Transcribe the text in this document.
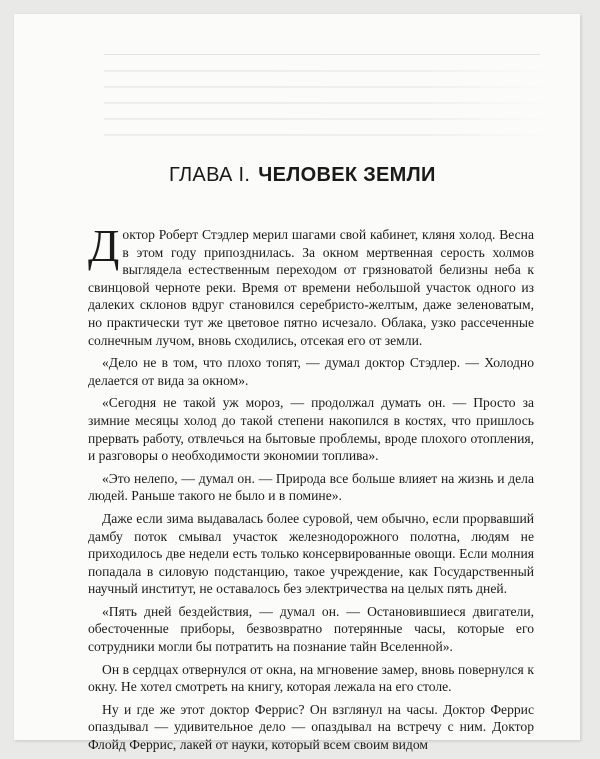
ГЛАВА I. ЧЕЛОВЕК ЗЕМЛИ

Доктор Роберт Стэдлер мерил шагами свой кабинет, кляня холод. Весна в этом году припозднилась. За окном мертвенная серость холмов выглядела естественным переходом от грязноватой белизны неба к свинцовой черноте реки. Время от времени небольшой участок одного из далеких склонов вдруг становился серебристо-желтым, даже зеленоватым, но практически тут же цветовое пятно исчезало. Облака, узко рассеченные солнечным лучом, вновь сходились, отсекая его от земли.

«Дело не в том, что плохо топят, — думал доктор Стэдлер. — Холодно делается от вида за окном».

«Сегодня не такой уж мороз, — продолжал думать он. — Просто за зимние месяцы холод до такой степени накопился в костях, что пришлось прервать работу, отвлечься на бытовые проблемы, вроде плохого отопления, и разговоры о необходимости экономии топлива».

«Это нелепо, — думал он. — Природа все больше влияет на жизнь и дела людей. Раньше такого не было и в помине».

Даже если зима выдавалась более суровой, чем обычно, если прорвавший дамбу поток смывал участок железнодорожного полотна, людям не приходилось две недели есть только консервированные овощи. Если молния попадала в силовую подстанцию, такое учреждение, как Государственный научный институт, не оставалось без электричества на целых пять дней.

«Пять дней бездействия, — думал он. — Остановившиеся двигатели, обесточенные приборы, безвозвратно потерянные часы, которые его сотрудники могли бы потратить на познание тайн Вселенной».

Он в сердцах отвернулся от окна, на мгновение замер, вновь повернулся к окну. Не хотел смотреть на книгу, которая лежала на его столе.

Ну и где же этот доктор Феррис? Он взглянул на часы. Доктор Феррис опаздывал — удивительное дело — опаздывал на встречу с ним. Доктор Флойд Феррис, лакей от науки, который всем своим видом
